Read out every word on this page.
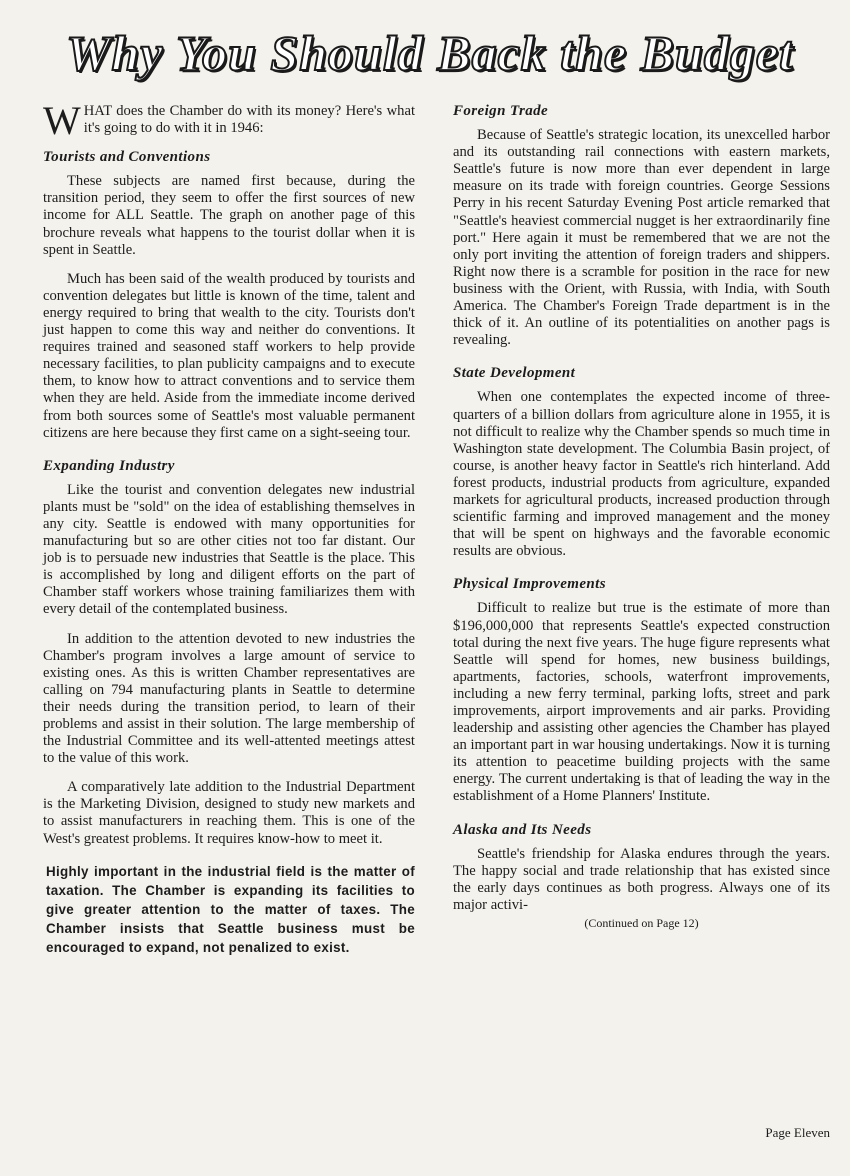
Why You Should Back the Budget

WHAT does the Chamber do with its money? Here's what it's going to do with it in 1946:

Tourists and Conventions

These subjects are named first because, during the transition period, they seem to offer the first sources of new income for ALL Seattle. The graph on another page of this brochure reveals what happens to the tourist dollar when it is spent in Seattle.

Much has been said of the wealth produced by tourists and convention delegates but little is known of the time, talent and energy required to bring that wealth to the city. Tourists don't just happen to come this way and neither do conventions. It requires trained and seasoned staff workers to help provide necessary facilities, to plan publicity campaigns and to execute them, to know how to attract conventions and to service them when they are held. Aside from the immediate income derived from both sources some of Seattle's most valuable permanent citizens are here because they first came on a sight-seeing tour.

Expanding Industry

Like the tourist and convention delegates new industrial plants must be "sold" on the idea of establishing themselves in any city. Seattle is endowed with many opportunities for manufacturing but so are other cities not too far distant. Our job is to persuade new industries that Seattle is the place. This is accomplished by long and diligent efforts on the part of Chamber staff workers whose training familiarizes them with every detail of the contemplated business.

In addition to the attention devoted to new industries the Chamber's program involves a large amount of service to existing ones. As this is written Chamber representatives are calling on 794 manufacturing plants in Seattle to determine their needs during the transition period, to learn of their problems and assist in their solution. The large membership of the Industrial Committee and its well-attented meetings attest to the value of this work.

A comparatively late addition to the Industrial Department is the Marketing Division, designed to study new markets and to assist manufacturers in reaching them. This is one of the West's greatest problems. It requires know-how to meet it.

Highly important in the industrial field is the matter of taxation. The Chamber is expanding its facilities to give greater attention to the matter of taxes. The Chamber insists that Seattle business must be encouraged to expand, not penalized to exist.

Foreign Trade

Because of Seattle's strategic location, its unexcelled harbor and its outstanding rail connections with eastern markets, Seattle's future is now more than ever dependent in large measure on its trade with foreign countries. George Sessions Perry in his recent Saturday Evening Post article remarked that "Seattle's heaviest commercial nugget is her extraordinarily fine port." Here again it must be remembered that we are not the only port inviting the attention of foreign traders and shippers. Right now there is a scramble for position in the race for new business with the Orient, with Russia, with India, with South America. The Chamber's Foreign Trade department is in the thick of it. An outline of its potentialities on another pags is revealing.

State Development

When one contemplates the expected income of three-quarters of a billion dollars from agriculture alone in 1955, it is not difficult to realize why the Chamber spends so much time in Washington state development. The Columbia Basin project, of course, is another heavy factor in Seattle's rich hinterland. Add forest products, industrial products from agriculture, expanded markets for agricultural products, increased production through scientific farming and improved management and the money that will be spent on highways and the favorable economic results are obvious.

Physical Improvements

Difficult to realize but true is the estimate of more than $196,000,000 that represents Seattle's expected construction total during the next five years. The huge figure represents what Seattle will spend for homes, new business buildings, apartments, factories, schools, waterfront improvements, including a new ferry terminal, parking lofts, street and park improvements, airport improvements and air parks. Providing leadership and assisting other agencies the Chamber has played an important part in war housing undertakings. Now it is turning its attention to peacetime building projects with the same energy. The current undertaking is that of leading the way in the establishment of a Home Planners' Institute.

Alaska and Its Needs

Seattle's friendship for Alaska endures through the years. The happy social and trade relationship that has existed since the early days continues as both progress. Always one of its major activi-

(Continued on Page 12)

Page Eleven
